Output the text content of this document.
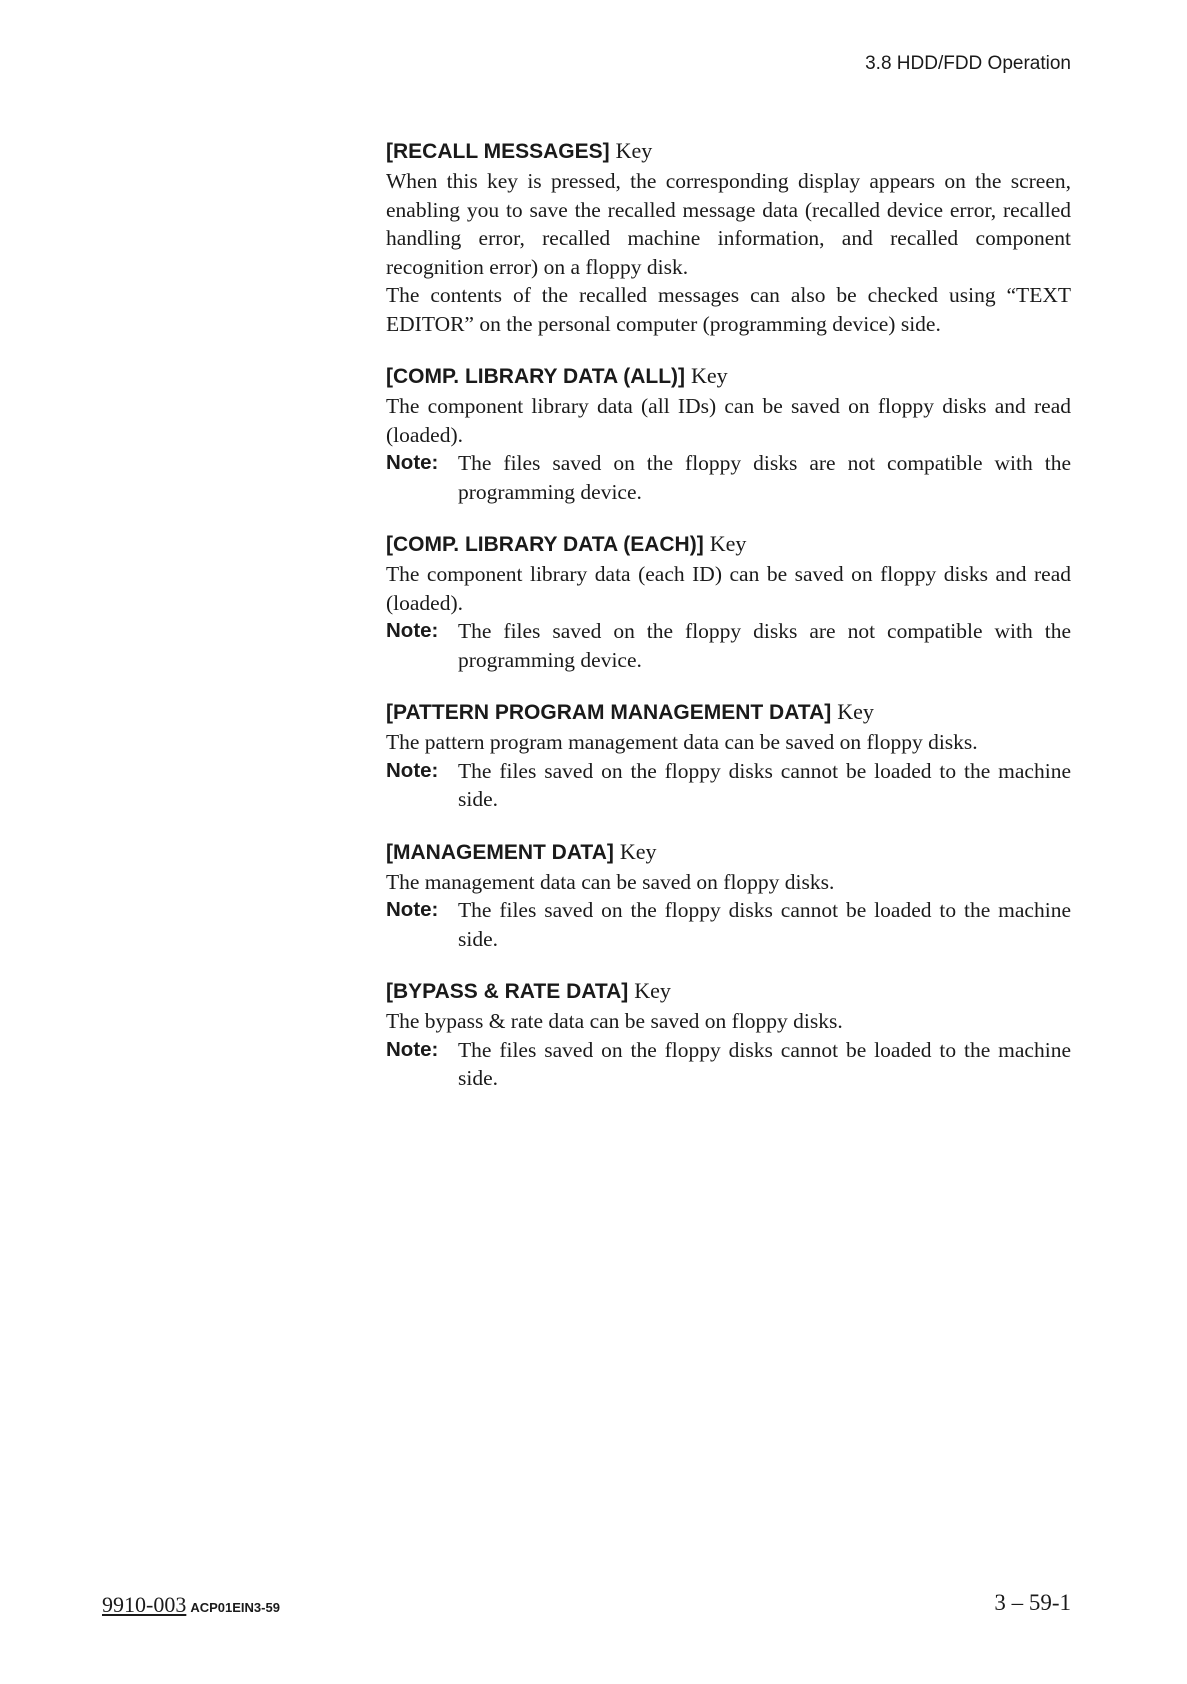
3.8 HDD/FDD Operation
[RECALL MESSAGES] Key

When this key is pressed, the corresponding display appears on the screen, enabling you to save the recalled message data (recalled device error, recalled handling error, recalled machine information, and recalled component recognition error) on a floppy disk.

The contents of the recalled messages can also be checked using “TEXT EDITOR” on the personal computer (programming device) side.

[COMP. LIBRARY DATA (ALL)] Key

The component library data (all IDs) can be saved on floppy disks and read (loaded).

Note: The files saved on the floppy disks are not compatible with the programming device.
[COMP. LIBRARY DATA (EACH)] Key

The component library data (each ID) can be saved on floppy disks and read (loaded).

Note: The files saved on the floppy disks are not compatible with the programming device.
[PATTERN PROGRAM MANAGEMENT DATA] Key

The pattern program management data can be saved on floppy disks.

Note: The files saved on the floppy disks cannot be loaded to the machine side.
[MANAGEMENT DATA] Key

The management data can be saved on floppy disks.

Note: The files saved on the floppy disks cannot be loaded to the machine side.
[BYPASS & RATE DATA] Key

The bypass & rate data can be saved on floppy disks.

Note: The files saved on the floppy disks cannot be loaded to the machine side.
9910-003 ACP01EIN3-59	3 – 59-1
